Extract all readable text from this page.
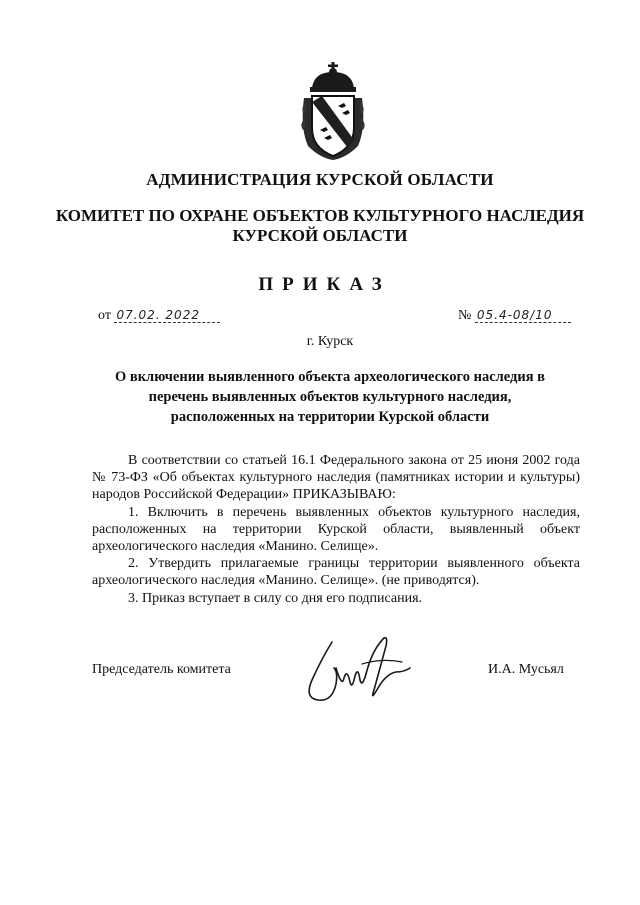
АДМИНИСТРАЦИЯ КУРСКОЙ ОБЛАСТИ
КОМИТЕТ ПО ОХРАНЕ ОБЪЕКТОВ КУЛЬТУРНОГО НАСЛЕДИЯ
КУРСКОЙ ОБЛАСТИ
ПРИКАЗ
от 07.02. 2022	№ 05.4-08/10
г. Курск
О включении выявленного объекта археологического наследия в
перечень выявленных объектов культурного наследия,
расположенных на территории Курской области

В соответствии со статьей 16.1 Федерального закона от 25 июня 2002 года № 73-ФЗ «Об объектах культурного наследия (памятниках истории и культуры) народов Российской Федерации» ПРИКАЗЫВАЮ:

1. Включить в перечень выявленных объектов культурного наследия, расположенных на территории Курской области, выявленный объект археологического наследия «Манино. Селище».

2. Утвердить прилагаемые границы территории выявленного объекта археологического наследия «Манино. Селище». (не приводятся).

3. Приказ вступает в силу со дня его подписания.

Председатель комитета	И.А. Мусьял
